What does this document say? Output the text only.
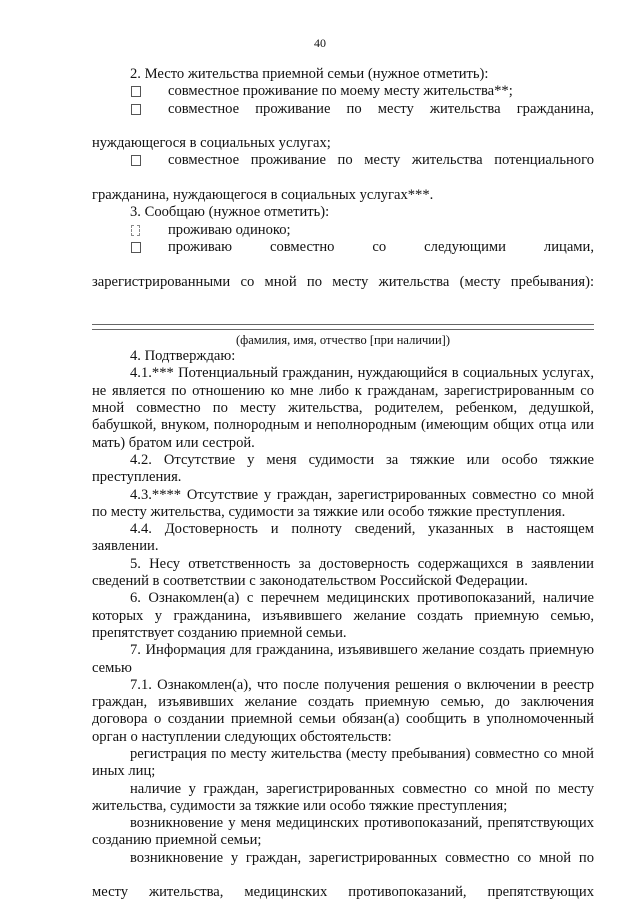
40

2. Место жительства приемной семьи (нужное отметить):

совместное проживание по моему месту жительства**;

совместное проживание по месту жительства гражданина,

нуждающегося в социальных услугах;

совместное проживание по месту жительства потенциального

гражданина, нуждающегося в социальных услугах***.

3. Сообщаю (нужное отметить):

проживаю одиноко;

проживаю совместно со следующими лицами,

зарегистрированными со мной по месту жительства (месту пребывания):

(фамилия, имя, отчество [при наличии])

4. Подтверждаю:

4.1.*** Потенциальный гражданин, нуждающийся в социальных услугах, не является по отношению ко мне либо к гражданам, зарегистрированным со мной совместно по месту жительства, родителем, ребенком, дедушкой, бабушкой, внуком, полнородным и неполнородным (имеющим общих отца или мать) братом или сестрой.

4.2. Отсутствие у меня судимости за тяжкие или особо тяжкие преступления.

4.3.**** Отсутствие у граждан, зарегистрированных совместно со мной по месту жительства, судимости за тяжкие или особо тяжкие преступления.

4.4. Достоверность и полноту сведений, указанных в настоящем заявлении.

5. Несу ответственность за достоверность содержащихся в заявлении сведений в соответствии с законодательством Российской Федерации.

6. Ознакомлен(а) с перечнем медицинских противопоказаний, наличие которых у гражданина, изъявившего желание создать приемную семью, препятствует созданию приемной семьи.

7. Информация для гражданина, изъявившего желание создать приемную семью

7.1. Ознакомлен(а), что после получения решения о включении в реестр граждан, изъявивших желание создать приемную семью, до заключения договора о создании приемной семьи обязан(а) сообщить в уполномоченный орган о наступлении следующих обстоятельств:

регистрация по месту жительства (месту пребывания) совместно со мной иных лиц;

наличие у граждан, зарегистрированных совместно со мной по месту жительства, судимости за тяжкие или особо тяжкие преступления;

возникновение у меня медицинских противопоказаний, препятствующих созданию приемной семьи;

возникновение у граждан, зарегистрированных совместно со мной по

месту жительства, медицинских противопоказаний, препятствующих
